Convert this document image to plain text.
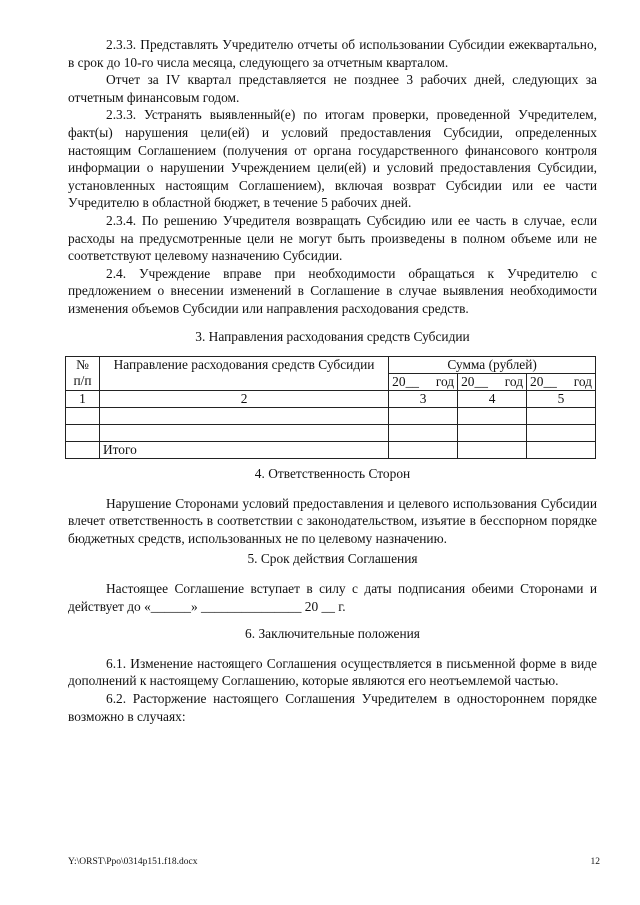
2.3.3. Представлять Учредителю отчеты об использовании Субсидии ежеквартально, в срок до 10-го числа месяца, следующего за отчетным кварталом.

Отчет за IV квартал представляется не позднее 3 рабочих дней, следующих за отчетным финансовым годом.

2.3.3. Устранять выявленный(е) по итогам проверки, проведенной Учредителем, факт(ы) нарушения цели(ей) и условий предоставления Субсидии, определенных настоящим Соглашением (получения от органа государственного финансового контроля информации о нарушении Учреждением цели(ей) и условий предоставления Субсидии, установленных настоящим Соглашением), включая возврат Субсидии или ее части Учредителю в областной бюджет, в течение 5 рабочих дней.

2.3.4. По решению Учредителя возвращать Субсидию или ее часть в случае, если расходы на предусмотренные цели не могут быть произведены в полном объеме или не соответствуют целевому назначению Субсидии.

2.4. Учреждение вправе при необходимости обращаться к Учредителю с предложением о внесении изменений в Соглашение в случае выявления необходимости изменения объемов Субсидии или направления расходования средств.

3. Направления расходования средств Субсидии
№ п/п	Направление расходования средств Субсидии	Сумма (рублей)		

		20__ год	20__ год	20__ год

1	2	3	4	5

	Итого			
4. Ответственность Сторон

Нарушение Сторонами условий предоставления и целевого использования Субсидии влечет ответственность в соответствии с законодательством, изъятие в бесспорном порядке бюджетных средств, использованных не по целевому назначению.

5. Срок действия Соглашения

Настоящее Соглашение вступает в силу с даты подписания обеими Сторонами и действует до «______» _______________ 20 __ г.

6. Заключительные положения

6.1. Изменение настоящего Соглашения осуществляется в письменной форме в виде дополнений к настоящему Соглашению, которые являются его неотъемлемой частью.

6.2. Расторжение настоящего Соглашения Учредителем в одностороннем порядке возможно в случаях:

Y:\ORST\Ppo\0314p151.f18.docx	12
